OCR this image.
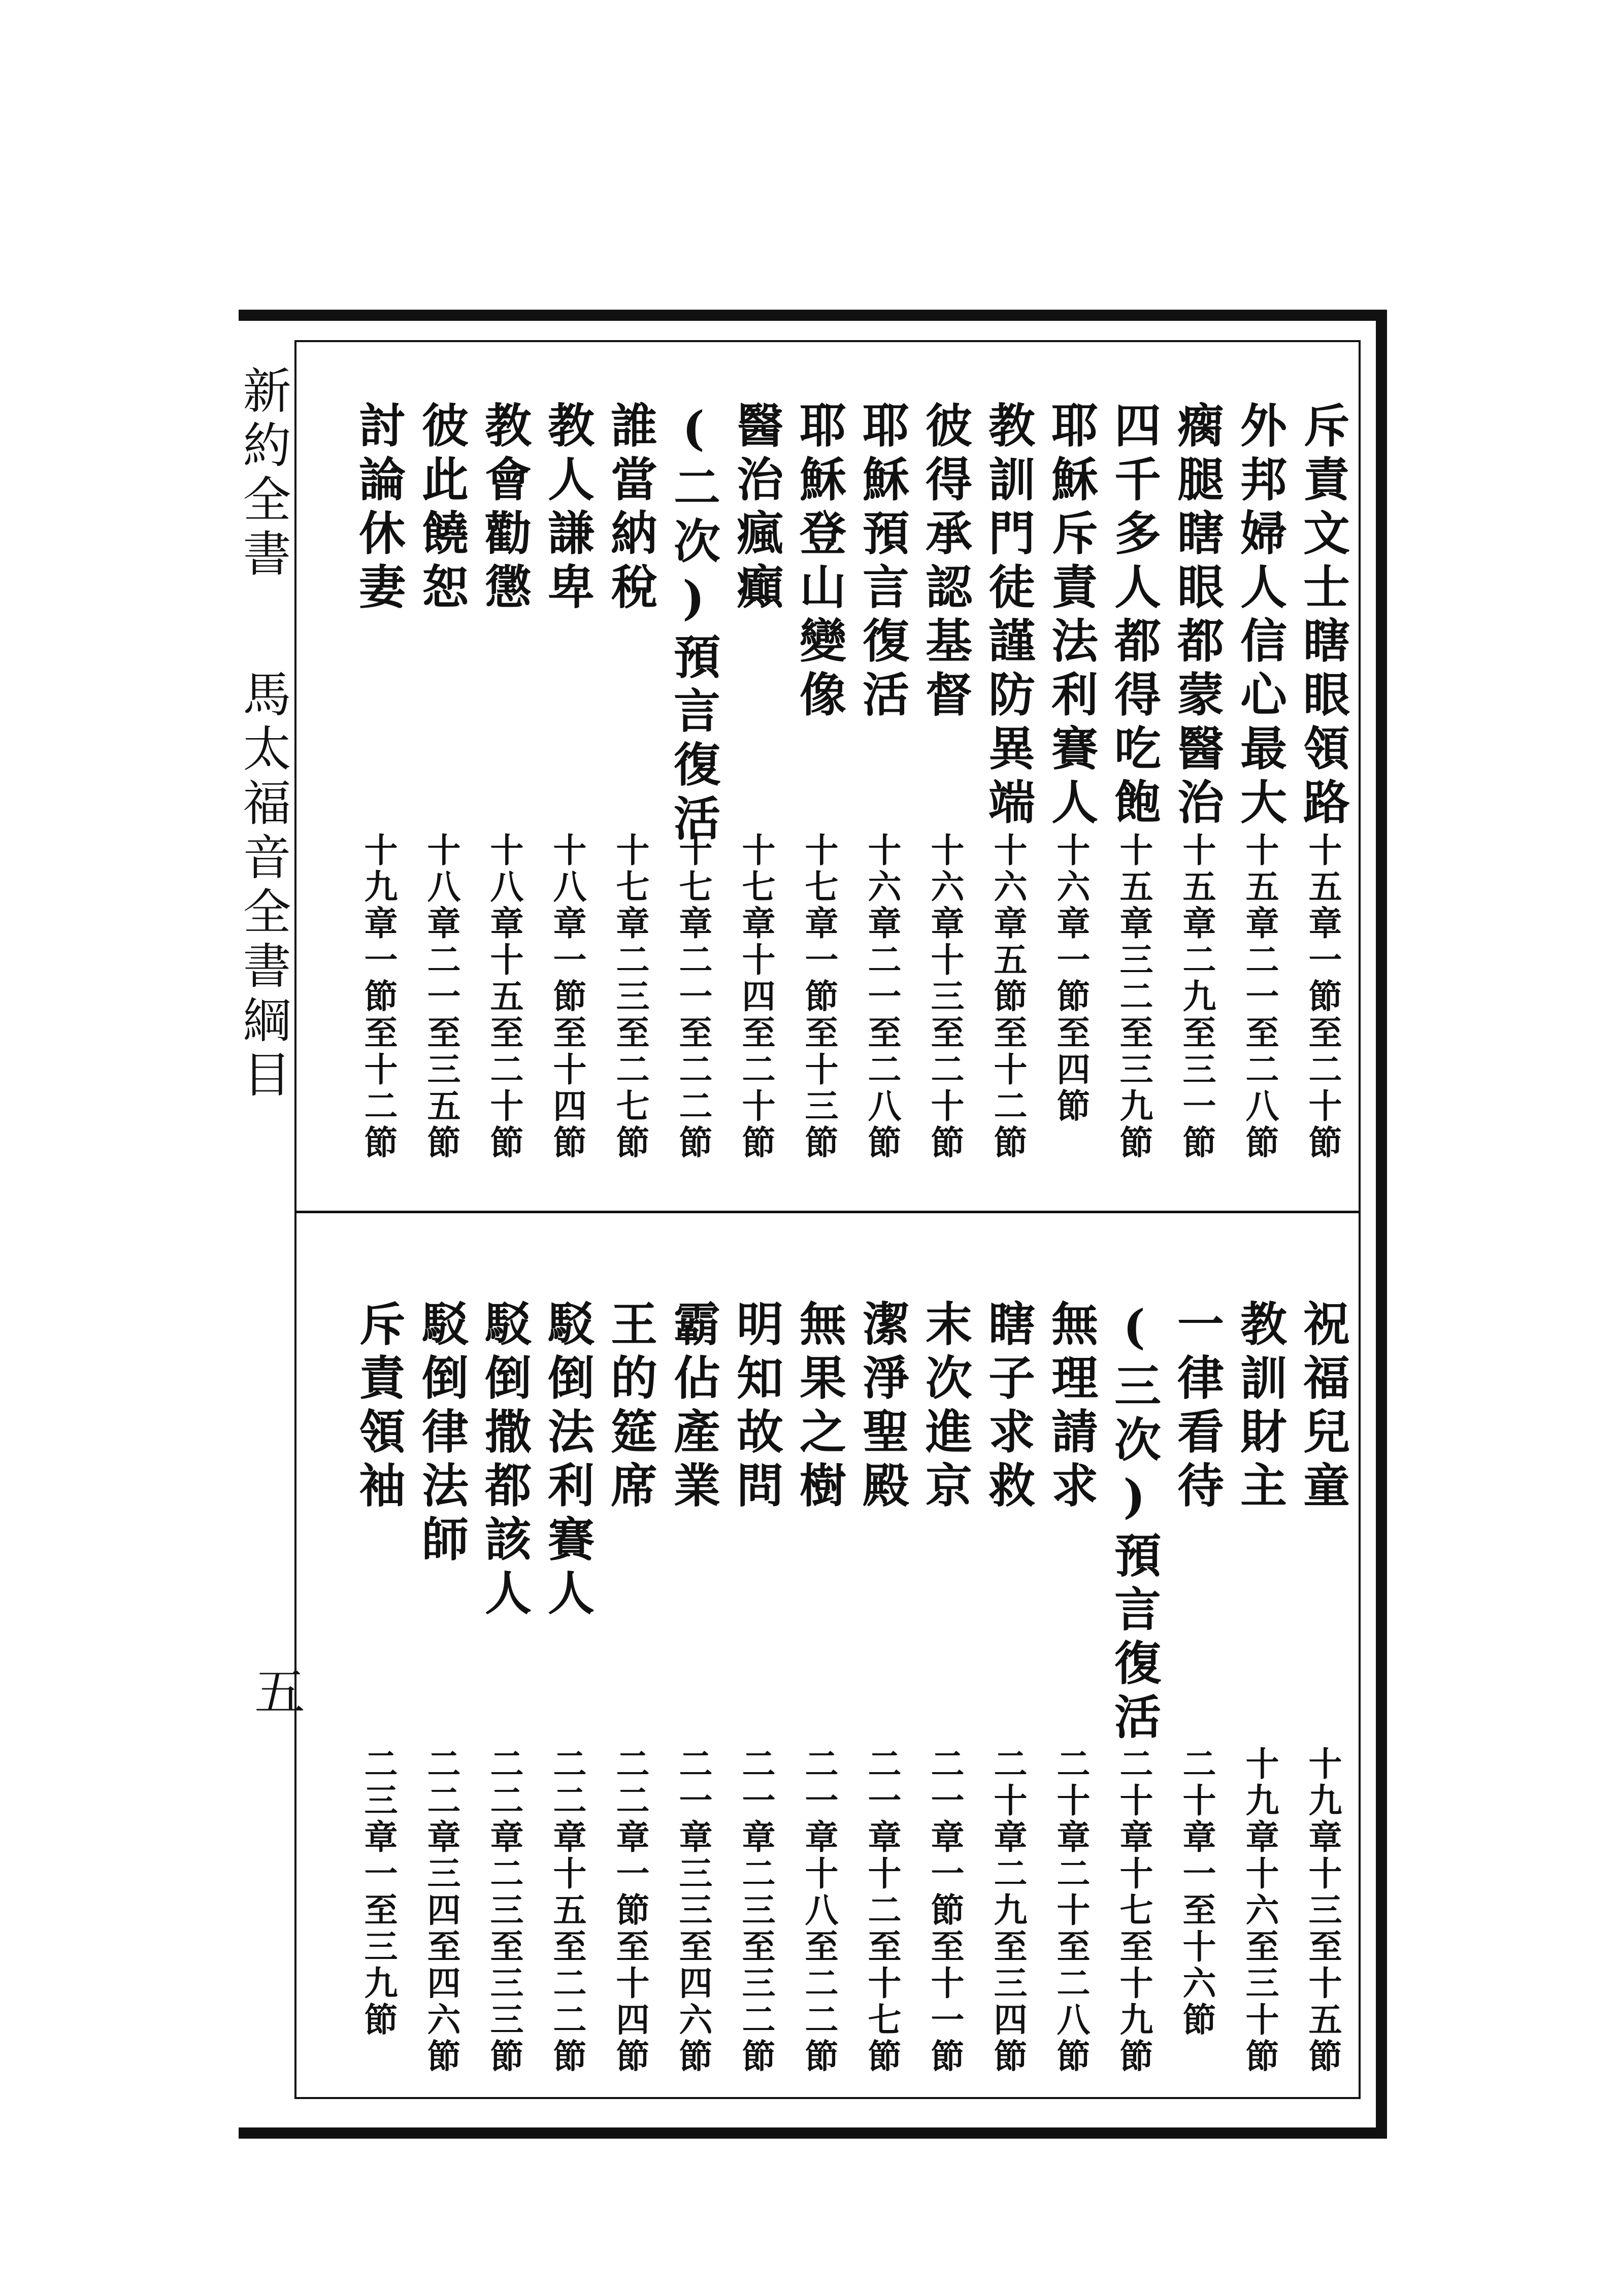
新約全書馬太福音全書綱目
五
斥責文士瞎眼領路
十五章一節至二十節
外邦婦人信心最大
十五章二一至二八節
瘸腿瞎眼都蒙醫治
十五章二九至三一節
四千多人都得吃飽
十五章三二至三九節
耶穌斥責法利賽人
十六章一節至四節
教訓門徒謹防異端
十六章五節至十二節
彼得承認基督
十六章十三至二十節
耶穌預言復活
十六章二一至二八節
耶穌登山變像
十七章一節至十三節
醫治瘋癲
十七章十四至二十節
(二次)預言復活
十七章二一至二二節
誰當納稅
十七章二三至二七節
教人謙卑
十八章一節至十四節
教會勸懲
十八章十五至二十節
彼此饒恕
十八章二一至三五節
討論休妻
十九章一節至十二節
祝福兒童
十九章十三至十五節
教訓財主
十九章十六至三十節
一律看待
二十章一至十六節
(三次)預言復活
二十章十七至十九節
無理請求
二十章二十至二八節
瞎子求救
二十章二九至三四節
末次進京
二一章一節至十一節
潔淨聖殿
二一章十二至十七節
無果之樹
二一章十八至二二節
明知故問
二一章二三至三二節
霸佔產業
二一章三三至四六節
王的筵席
二二章一節至十四節
駁倒法利賽人
二二章十五至二二節
駁倒撒都該人
二二章二三至三三節
駁倒律法師
二二章三四至四六節
斥責領袖
二三章一至三九節
